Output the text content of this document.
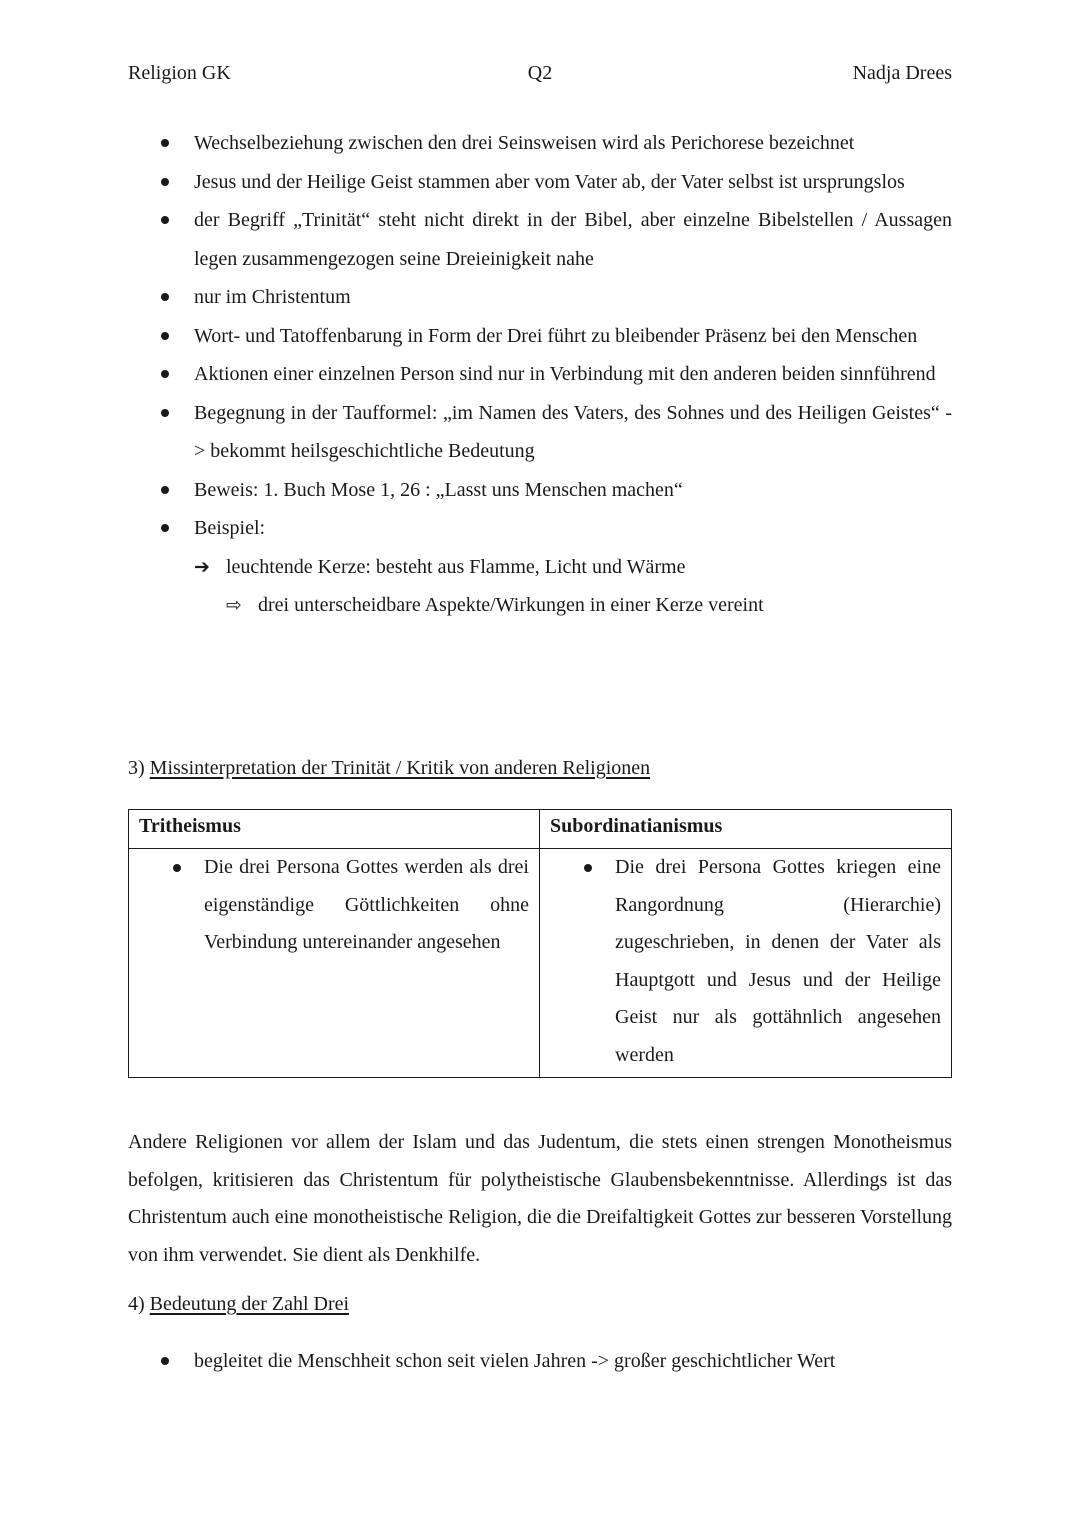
Religion GK	Q2	Nadja Drees
Wechselbeziehung zwischen den drei Seinsweisen wird als Perichorese bezeichnet
Jesus und der Heilige Geist stammen aber vom Vater ab, der Vater selbst ist ursprungslos
der Begriff „Trinität“ steht nicht direkt in der Bibel, aber einzelne Bibelstellen / Aussagen legen zusammengezogen seine Dreieinigkeit nahe
nur im Christentum
Wort- und Tatoffenbarung in Form der Drei führt zu bleibender Präsenz bei den Menschen
Aktionen einer einzelnen Person sind nur in Verbindung mit den anderen beiden sinnführend
Begegnung in der Taufformel: „im Namen des Vaters, des Sohnes und des Heiligen Geistes“ -> bekommt heilsgeschichtliche Bedeutung
Beweis: 1. Buch Mose 1, 26 : „Lasst uns Menschen machen“
Beispiel:
➔ leuchtende Kerze: besteht aus Flamme, Licht und Wärme
⇨ drei unterscheidbare Aspekte/Wirkungen in einer Kerze vereint
3) Missinterpretation der Trinität / Kritik von anderen Religionen
Tritheismus	Subordinatianismus

Die drei Persona Gottes werden als drei eigenständige Göttlichkeiten ohne Verbindung untereinander angesehen	Die drei Persona Gottes kriegen eine Rangordnung (Hierarchie) zugeschrieben, in denen der Vater als Hauptgott und Jesus und der Heilige Geist nur als gottähnlich angesehen werden

Andere Religionen vor allem der Islam und das Judentum, die stets einen strengen Monotheismus befolgen, kritisieren das Christentum für polytheistische Glaubensbekenntnisse. Allerdings ist das Christentum auch eine monotheistische Religion, die die Dreifaltigkeit Gottes zur besseren Vorstellung von ihm verwendet. Sie dient als Denkhilfe.

4) Bedeutung der Zahl Drei
begleitet die Menschheit schon seit vielen Jahren -> großer geschichtlicher Wert
